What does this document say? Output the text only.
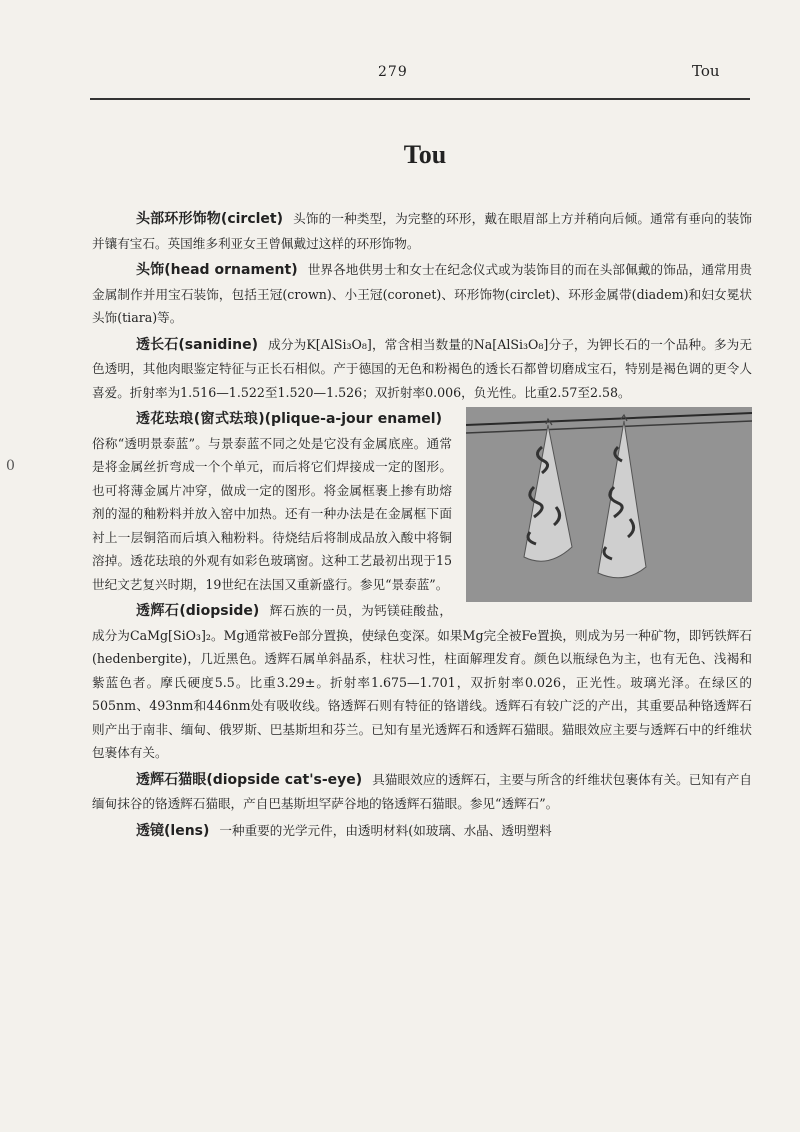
279	Tou
Tou
0

头部环形饰物(circlet) 头饰的一种类型，为完整的环形，戴在眼眉部上方并稍向后倾。通常有垂向的装饰并镶有宝石。英国维多利亚女王曾佩戴过这样的环形饰物。

头饰(head ornament) 世界各地供男士和女士在纪念仪式或为装饰目的而在头部佩戴的饰品，通常用贵金属制作并用宝石装饰，包括王冠(crown)、小王冠(coronet)、环形饰物(circlet)、环形金属带(diadem)和妇女冕状头饰(tiara)等。

透长石(sanidine) 成分为K[AlSi₃O₈]，常含相当数量的Na[AlSi₃O₈]分子，为钾长石的一个品种。多为无色透明，其他肉眼鉴定特征与正长石相似。产于德国的无色和粉褐色的透长石都曾切磨成宝石，特别是褐色调的更令人喜爱。折射率为1.516—1.522至1.520—1.526；双折射率0.006，负光性。比重2.57至2.58。

透花珐琅(窗式珐琅)(plique-a-jour enamel)俗称“透明景泰蓝”。与景泰蓝不同之处是它没有金属底座。通常是将金属丝折弯成一个个单元，而后将它们焊接成一定的图形。也可将薄金属片冲穿，做成一定的图形。将金属框裹上掺有助熔剂的湿的釉粉料并放入窑中加热。还有一种办法是在金属框下面衬上一层铜箔而后填入釉粉料。待烧结后将制成品放入酸中将铜溶掉。透花珐琅的外观有如彩色玻璃窗。这种工艺最初出现于15世纪文艺复兴时期，19世纪在法国又重新盛行。参见“景泰蓝”。

透辉石(diopside) 辉石族的一员，为钙镁硅酸盐，成分为CaMg[SiO₃]₂。Mg通常被Fe部分置换，使绿色变深。如果Mg完全被Fe置换，则成为另一种矿物，即钙铁辉石(hedenbergite)，几近黑色。透辉石属单斜晶系，柱状习性，柱面解理发育。颜色以瓶绿色为主，也有无色、浅褐和紫蓝色者。摩氏硬度5.5。比重3.29±。折射率1.675—1.701，双折射率0.026，正光性。玻璃光泽。在绿区的505nm、493nm和446nm处有吸收线。铬透辉石则有特征的铬谱线。透辉石有较广泛的产出，其重要品种铬透辉石则产出于南非、缅甸、俄罗斯、巴基斯坦和芬兰。已知有星光透辉石和透辉石猫眼。猫眼效应主要与透辉石中的纤维状包裹体有关。

透辉石猫眼(diopside cat's-eye) 具猫眼效应的透辉石，主要与所含的纤维状包裹体有关。已知有产自缅甸抹谷的铬透辉石猫眼，产自巴基斯坦罕萨谷地的铬透辉石猫眼。参见“透辉石”。

透镜(lens) 一种重要的光学元件，由透明材料(如玻璃、水晶、透明塑料
